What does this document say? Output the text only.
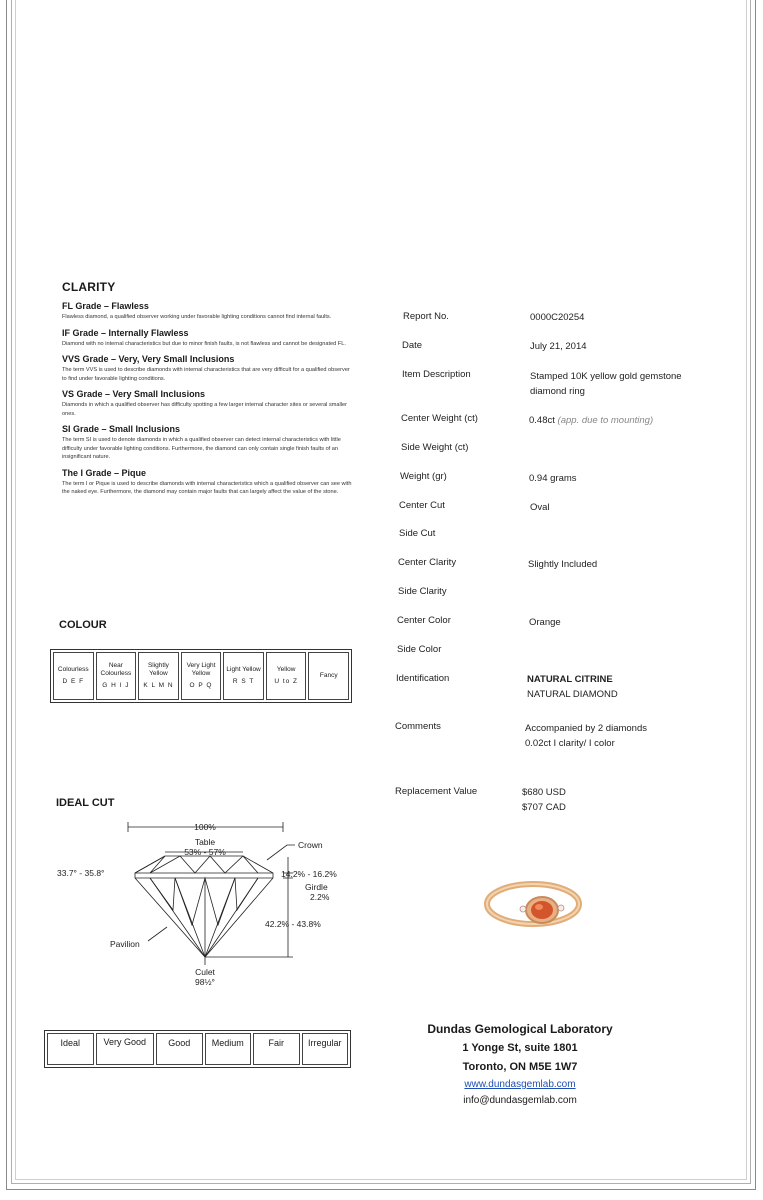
CLARITY
FL Grade – Flawless

Flawless diamond, a qualified observer working under favorable lighting conditions cannot find internal faults.

IF Grade – Internally Flawless

Diamond with no internal characteristics but due to minor finish faults, is not flawless and cannot be designated FL.

VVS Grade – Very, Very Small Inclusions

The term VVS is used to describe diamonds with internal characteristics that are very difficult for a qualified observer to find under favorable lighting conditions.

VS Grade – Very Small Inclusions

Diamonds in which a qualified observer has difficulty spotting a few larger internal character sites or several smaller ones.

SI Grade – Small Inclusions

The term SI is used to denote diamonds in which a qualified observer can detect internal characteristics with little difficulty under favorable lighting conditions. Furthermore, the diamond can only contain single finish faults of an insignificant nature.

The I Grade – Pique

The term I or Pique is used to describe diamonds with internal characteristics which a qualified observer can see with the naked eye. Furthermore, the diamond may contain major faults that can largely affect the value of the stone.

COLOUR
Colourless
D E F
Near Colourless
G H I J
Slightly Yellow
K L M N
Very Light Yellow
O P Q
Light Yellow
R S T
Yellow
U to Z
Fancy
IDEAL CUT
100%
Table
53% - 57%
Crown
33.7° - 35.8°	14.2% - 16.2%
Girdle
2.2%
42.2% - 43.8%
Pavilion
Culet
98½°
Ideal	Very Good	Good	Medium	Fair	Irregular
Report No.	0000C20254
Date	July 21, 2014
Item Description	Stamped 10K yellow gold gemstone
diamond ring
Center Weight (ct)	0.48ct (app. due to mounting)
Side Weight (ct)
Weight (gr)	0.94 grams
Center Cut	Oval
Side Cut
Center Clarity	Slightly Included
Side Clarity
Center Color	Orange
Side Color
Identification	NATURAL CITRINE
NATURAL DIAMOND
Comments	Accompanied by 2 diamonds
0.02ct I clarity/ I color
Replacement Value	$680 USD
$707 CAD
Dundas Gemological Laboratory
1 Yonge St, suite 1801
Toronto, ON M5E 1W7
www.dundasgemlab.com
info@dundasgemlab.com
